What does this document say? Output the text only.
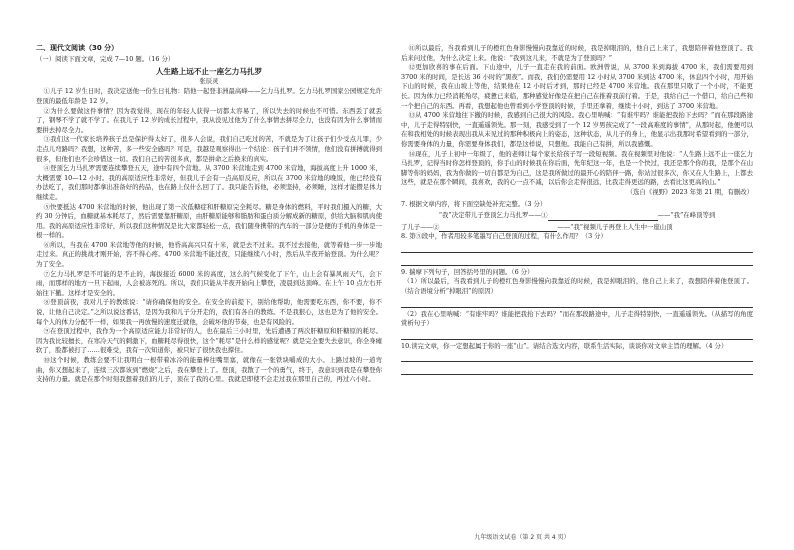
二、现代文阅读（30 分）
（一）阅读下面文章，完成 7—10 题。（16 分）
人生路上远不止一座乞力马扎罗
张辰灵

①儿子 12 岁生日时，我决定送他一份生日礼物：陪他一起登非洲最高峰——乞力马扎罗。乞力马扎罗国家公园规定允许登顶的最低年龄是 12 岁。

②为什么要做这件事情？因为我觉得，现在的年轻人获得一切都太容易了，所以失去的时候也不可惜。东西丢了就丢了，钢琴不学了就不学了。在我儿子 12 岁的成长过程中，我从没见过他为了什么事情去拼尽全力，也没有因为什么事情而要拼去掉尽全力。

③我们这一代家长培养孩子总是保护得太好了，很多人会说，我们自己吃过的苦，不就是为了让孩子们少受点儿罪，少走点儿弯路吗？我想，这种苦，多一些安全感吗？可是，我越是观察得出一个结论：孩子们并不领情，他们没有拼搏就得到很多，但他们也不会珍惜这一切。我们自己的苦很多真，都是拼命之后换来的真实。

④登顶乞力马扎罗需要连续攀登五天，途中有四个营地。从 3700 米营地走到 4700 米营地，海拔高度上升 1000 米，大概需要 10—12 小时。我的高原适应性非常好，但我儿子会有一点高原反应，所以在 3700 米营地的晚饭，他已经没有办法吃了，我们那时都拿出准备好的药品，也在路上仅什么回了了。我只能告诉他，必须坚持，必须睡，这样才能攒足体力继续走。

⑤快要抵达 4700 米营地的时候，他出现了第一次低糖症和肝糖原完全耗尽。糖是身体的燃料，平时我们摄入的糖，大约 30 分钟后，血糖就基本耗尽了，然后需要靠肝糖原，由肝糖原能够和脂肪和蛋白质分解成新的糖原，供给大脑和肌肉使用。我的高原适应性非常好，所以我们这种情况是比大家都轻松一点，我们随身携带的汽车的一部分是便的手机的身体是一根一样的。

⑥所以，当我在 4700 米营地等他的时候，他昏高高兴只有十米，就是去不过来。我不过去接他，就等着他一步一步地走过来。真正的挑战才刚开始，容不得心疼。4700 米营地不能过夜，只能继续八小时，然后从半夜开始登顶。为什么呢？为了安全。

⑦乞力马扎罗是不可能的是不止的，海拔接近 6000 米的高度，这么的气候变化了下午，山上会有暴风雨天气，会下雨，而那样的地方一旦下起雨，人会被冻死的。所以，我们只能从半夜开始向上攀登，凌晨到达顶峰。在上午 10 点左右开始往下撤。这样才是安全的。

⑧登顶前夜，我对儿子的教练说：“请你确保他的安全。在安全的前提下，别给他帮助，他需要吃东西，你不要，你不说，让他自己决定。”之所以说这番话，是因为我和儿子分开走的，我们有各自的教练。不是我狠心，这也是为了他的安全。每个人的体力分配不一样，如果我一再放慢的速度迁就他，会破坏他的节奏，也是有风险的。

⑨在登顶过程中，我作为一个高原适应能力非常好的人，也在最后三小时里，先后遭遇了两次肝糖原和肝糖原的耗尽。因为我比较擅长，在寒冷天气的刺激下，血糖耗尽得很快，这个“耗尽”是什么样的感觉呢？就是完全要失去意识，你全身瘫软了，脸都被打了……很难受，我有一次知道你，被只好了很快我也撑住。

⑩这个时候，教练会要不让我明白一根带着冰冷的能量棒往嘴里塞，就像在一张铁块嚼成的大小。上路过坡的一道弯曲，你又想起来了，连续三次都该到“燃烧”之后，我在攀登上了。登顶，我散了一个的勇气，终于，我意识到我是在攀登你支持的力量。就是在那个时刻我想着我们的儿子，顶在了我的心里。我就是即使不会走过我在那里自己的，再过六小时。

⑪所以最后，当我看到儿子的橙红色身影慢慢向我靠近的时候，我是掉眼泪的，他自己上来了，我想陪伴着他登顶了。我后来问过他，为什么决定上来。他说：“我到这儿来，不就是为了登顶吗？”

⑫更加欣喜的事在后面。下山途中，儿子一直走在我的前面。欧洲曾说，从 3700 米到海拔 4700 米，我们需要用到 3700 米的时间，是长达 36 小时的“黑夜”。而我，我们仍需要用 12 小时从 3700 米到达 4700 米，休息四个小时，用开始下山的时候，我在山坡上等他，结果他在 12 小时后才到，那时已经是 4700 米营地。我在那里只歇了一个小时，不能更长。因为体力已经消耗殆尽，疲惫已来临，那种感觉好像是在把自己在推着我前行着。于是，我给自己一个借口，给自己些和一个把自己的东西。再看，我想起他也曾看到小学登顶的时候，手里还拿着，继续十小时，到达了 3700 米营地。

⑬从 4700 米营地往下撤的时候，我感到自己很大的风险。我心里呐喊：“有谁牢吗？谁能把我抬下去吗？”而在那段路途中，儿子走得特别快，一直遥遥领先。那一刻，我感受到了一个 12 岁男孩完成了“一段高难度的事情”，从那时起，他便可以在和我相处的时候表现出我从未见过的那种积极向上的姿态，这种状态，从儿子的身上，他显示出我那时希望看到的一部分，你需要身体的力量，你需要身体我们，都是这样说，只想他。我能自己有拼，所以我感慨。

⑭现在，儿子上初中一年级了，他的老师让每个家长给孩子写一段短视频。我在视频里对他说：“人生路上远不止一座乞力马扎罗，记得当时你怎样登顶的，你手山的时候我在你后面，先年纪这一年，也是一个快过，我还是那个你的我，是那个在山脚等你的妈妈，我为你做的一切自都是为自己，这是我所做过的最开心的陪伴一路，你站过很多次，你又在人生路上，上都去这些，就是在那个瞬间，我喜欢，我的心一点不减，以后你会走得很远，比我走得更远的路，去看比这更高的山。”

（选自《视野》2023 年第 21 期，有删改）
7. 根据文章内容，将下面空缺处补充完整。（3 分）
“我”决定带儿子登顶乞力马扎罗——①	——“我”在峰顶等到
了儿子——②	——“我”视频儿子再登上人生中一座山顶
8. 第⑤段中，作者用较多笔墨写自己登顶的过程，有什么作用？（3 分）
9. 揣摩下列句子，回答括号里的问题。（6 分）
（1）所以最后，当我看到儿子的橙红色身影慢慢向我靠近的时候，我是掉眼泪的，他自己上来了，我想陪伴着他登顶了。（结合语境分析“掉眼泪”的原因）
（2）我在心里呐喊：“有谁牢吗？谁能把我抬下去吗？”而在那段路途中，儿子走得特别快，一直遥遥领先。（从描写的角度赏析句子）
10.读完文章，你一定想起属于你的一座“山”。请结合选文内容，联系生活实际，谈谈你对文章主旨的理解。（4 分）
九年级语文试卷（第 2 页 共 4 页）
